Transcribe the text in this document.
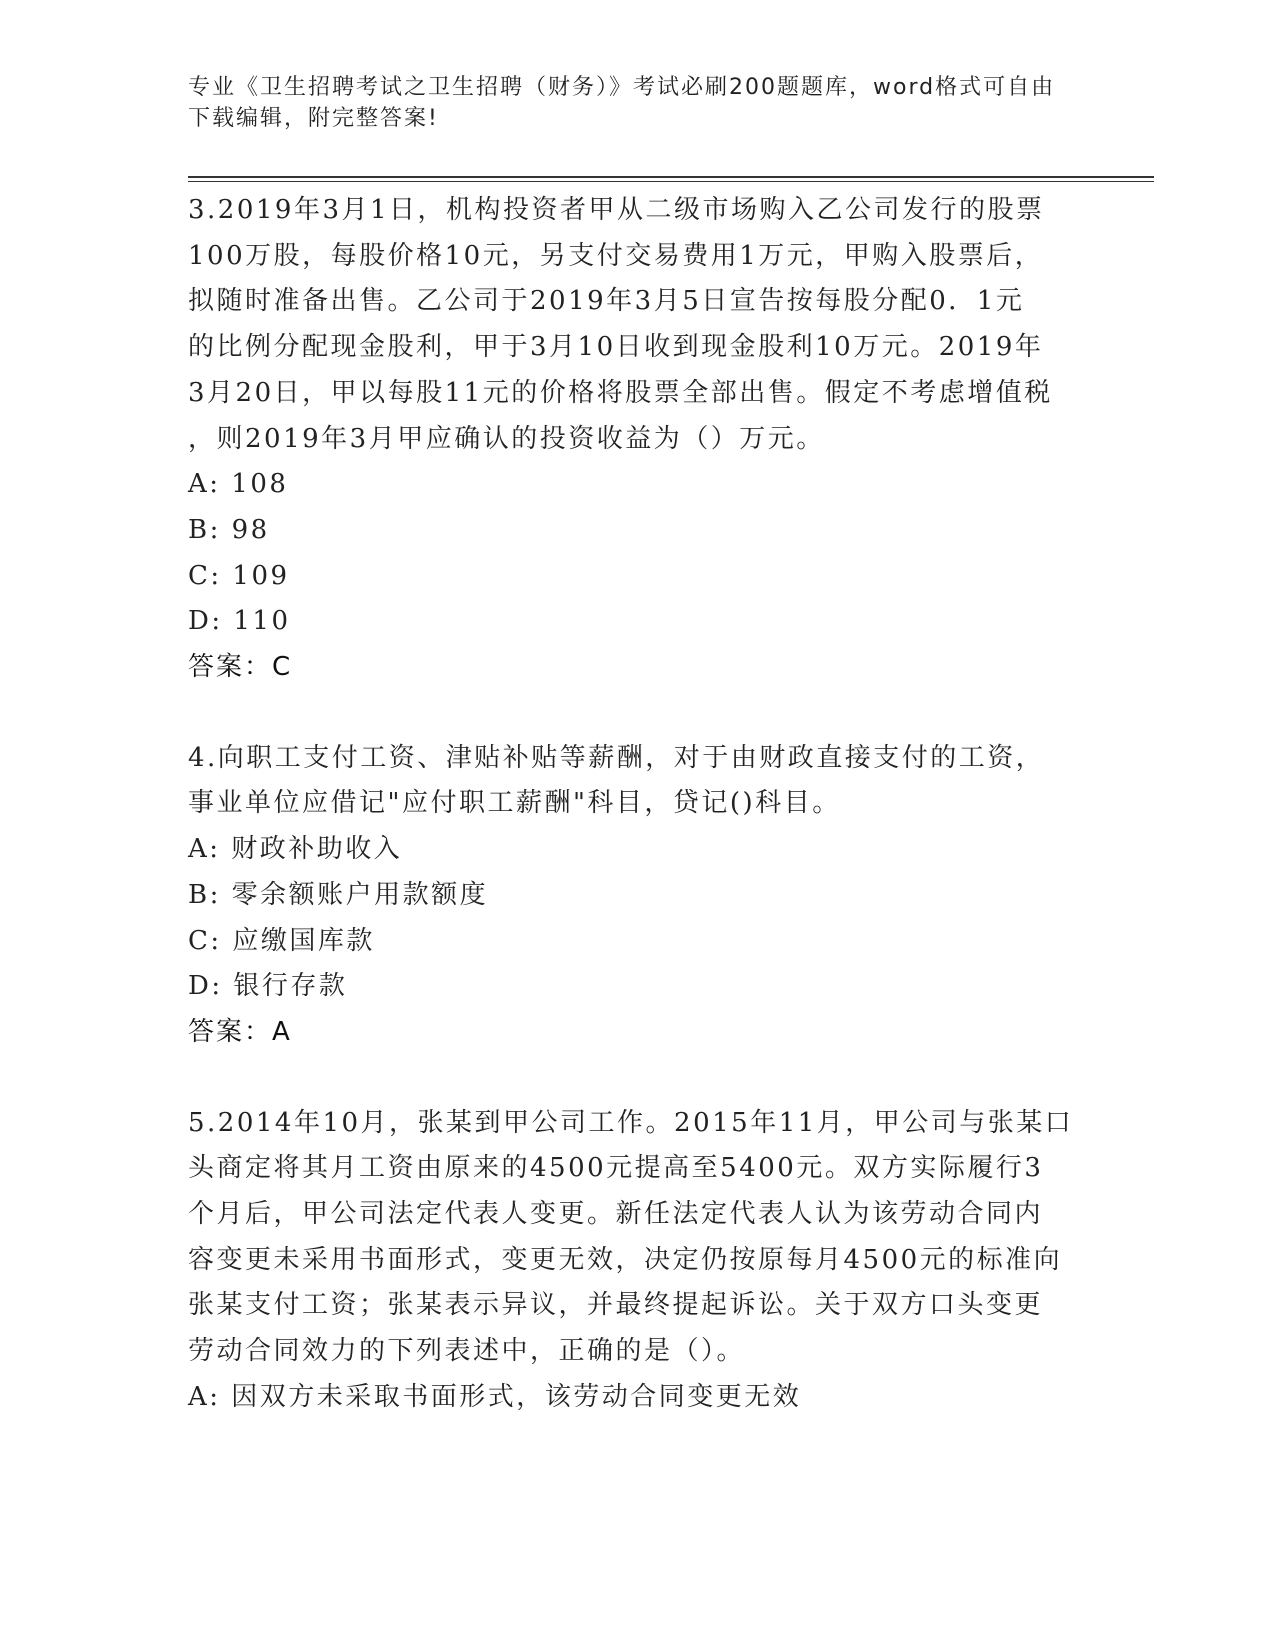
专业《卫生招聘考试之卫生招聘（财务）》考试必刷200题题库，word格式可自由下载编辑，附完整答案!

3.2019年3月1日，机构投资者甲从二级市场购入乙公司发行的股票
100万股，每股价格10元，另支付交易费用1万元，甲购入股票后，
拟随时准备出售。乙公司于2019年3月5日宣告按每股分配0．1元
的比例分配现金股利，甲于3月10日收到现金股利10万元。2019年
3月20日，甲以每股11元的价格将股票全部出售。假定不考虑增值税
，则2019年3月甲应确认的投资收益为（）万元。

A: 108

B: 98

C: 109

D: 110

答案：C

4.向职工支付工资、津贴补贴等薪酬，对于由财政直接支付的工资，
事业单位应借记"应付职工薪酬"科目，贷记()科目。

A: 财政补助收入

B: 零余额账户用款额度

C: 应缴国库款

D: 银行存款

答案：A

5.2014年10月，张某到甲公司工作。2015年11月，甲公司与张某口
头商定将其月工资由原来的4500元提高至5400元。双方实际履行3
个月后，甲公司法定代表人变更。新任法定代表人认为该劳动合同内
容变更未采用书面形式，变更无效，决定仍按原每月4500元的标准向
张某支付工资；张某表示异议，并最终提起诉讼。关于双方口头变更
劳动合同效力的下列表述中，正确的是（）。

A: 因双方未采取书面形式，该劳动合同变更无效
